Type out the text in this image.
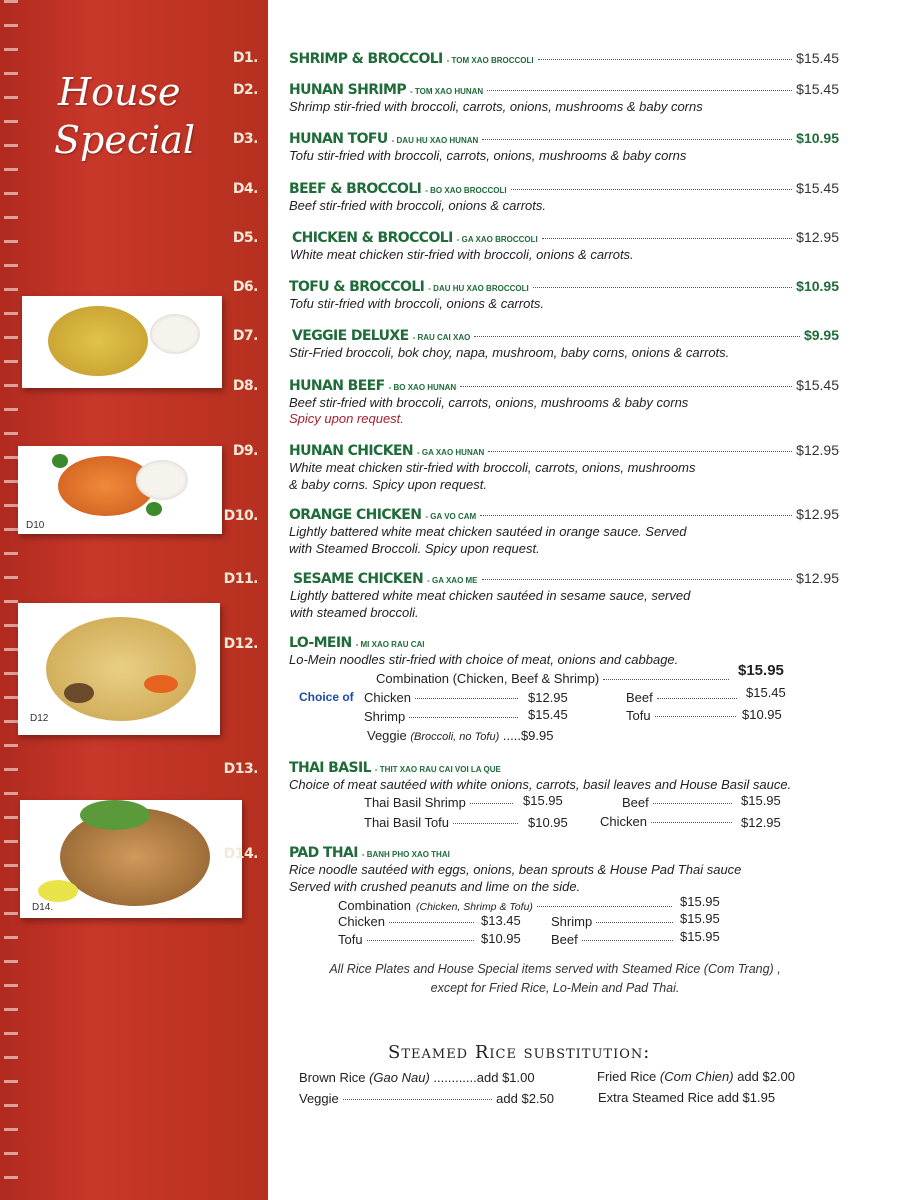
House
Special
D10
D12
D14.
D1.
D2.
D3.
D4.
D5.
D6.
D7.
D8.
D9.
D10.
D11.
D12.
D13.
D14.
SHRIMP & BROCCOLI - TOM XAO BROCCOLI	$15.45
HUNAN SHRIMP - TOM XAO HUNAN	$15.45
Shrimp stir-fried with broccoli, carrots, onions, mushrooms & baby corns
HUNAN TOFU - DAU HU XAO HUNAN	$10.95
Tofu stir-fried with broccoli, carrots, onions, mushrooms & baby corns
BEEF & BROCCOLI - BO XAO BROCCOLI	$15.45
Beef stir-fried with broccoli, onions & carrots.
CHICKEN & BROCCOLI - GA XAO BROCCOLI	$12.95
White meat chicken stir-fried with broccoli, onions & carrots.
TOFU & BROCCOLI - DAU HU XAO BROCCOLI	$10.95
Tofu stir-fried with broccoli, onions & carrots.
VEGGIE DELUXE - RAU CAI XAO	$9.95
Stir-Fried broccoli, bok choy, napa, mushroom, baby corns, onions & carrots.
HUNAN BEEF - BO XAO HUNAN	$15.45
Beef stir-fried with broccoli, carrots, onions, mushrooms & baby corns
Spicy upon request.
HUNAN CHICKEN - GA XAO HUNAN	$12.95
White meat chicken stir-fried with broccoli, carrots, onions, mushrooms
& baby corns. Spicy upon request.
ORANGE CHICKEN - GA VO CAM	$12.95
Lightly battered white meat chicken sautéed in orange sauce. Served
with Steamed Broccoli. Spicy upon request.
SESAME CHICKEN - GA XAO ME	$12.95
Lightly battered white meat chicken sautéed in sesame sauce, served
with steamed broccoli.
LO-MEIN - MI XAO RAU CAI
Lo-Mein noodles stir-fried with choice of meat, onions and cabbage.
Combination (Chicken, Beef & Shrimp)	$15.95
Choice of Chicken	$12.95	Beef	$15.45
Shrimp	$15.45	Tofu	$10.95
Veggie (Broccoli, no Tofu) .....$9.95
THAI BASIL - THIT XAO RAU CAI VOI LA QUE
Choice of meat sautéed with white onions, carrots, basil leaves and House Basil sauce.
Thai Basil Shrimp	$15.95	Beef	$15.95
Thai Basil Tofu	$10.95 Chicken	$12.95
PAD THAI - BANH PHO XAO THAI
Rice noodle sautéed with eggs, onions, bean sprouts & House Pad Thai sauce
Served with crushed peanuts and lime on the side.
Combination (Chicken, Shrimp & Tofu)	$15.95
Chicken	$13.45 Shrimp	$15.95
Tofu	$10.95 Beef	$15.95
All Rice Plates and House Special items served with Steamed Rice (Com Trang) ,
except for Fried Rice, Lo-Mein and Pad Thai.
Steamed Rice substitution:
Brown Rice (Gao Nau) ............add $1.00	Fried Rice (Com Chien) add $2.00
Veggie	add $2.50	Extra Steamed Rice add $1.95
